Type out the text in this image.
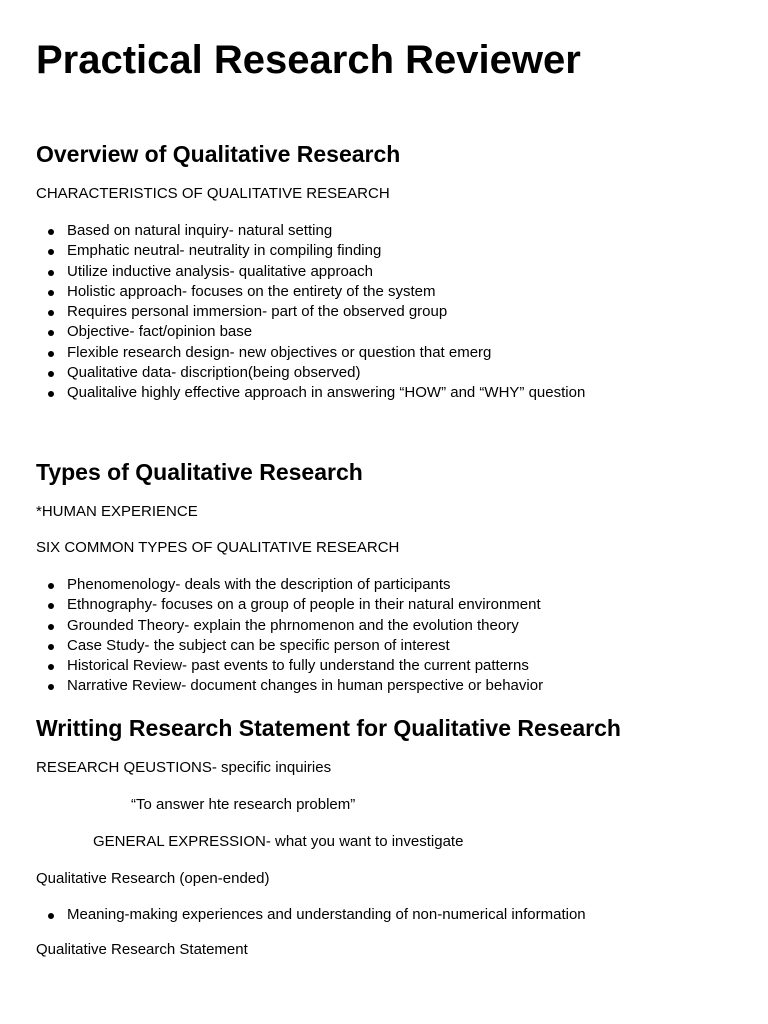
Practical Research Reviewer
Overview of Qualitative Research

CHARACTERISTICS OF QUALITATIVE RESEARCH

Based on natural inquiry- natural setting
Emphatic neutral- neutrality in compiling finding
Utilize inductive analysis- qualitative approach
Holistic approach- focuses on the entirety of the system
Requires personal immersion- part of the observed group
Objective- fact/opinion base
Flexible research design- new objectives or question that emerg
Qualitative data- discription(being observed)
Qualitalive highly effective approach in answering “HOW” and “WHY” question
Types of Qualitative Research

*HUMAN EXPERIENCE

SIX COMMON TYPES OF QUALITATIVE RESEARCH

Phenomenology- deals with the description of participants
Ethnography- focuses on a group of people in their natural environment
Grounded Theory- explain the phrnomenon and the evolution theory
Case Study- the subject can be specific person of interest
Historical Review- past events to fully understand the current patterns
Narrative Review- document changes in human perspective or behavior
Writting Research Statement for Qualitative Research

RESEARCH QEUSTIONS- specific inquiries

“To answer hte research problem”

GENERAL EXPRESSION- what you want to investigate

Qualitative Research (open-ended)

Meaning-making experiences and understanding of non-numerical information

Qualitative Research Statement
